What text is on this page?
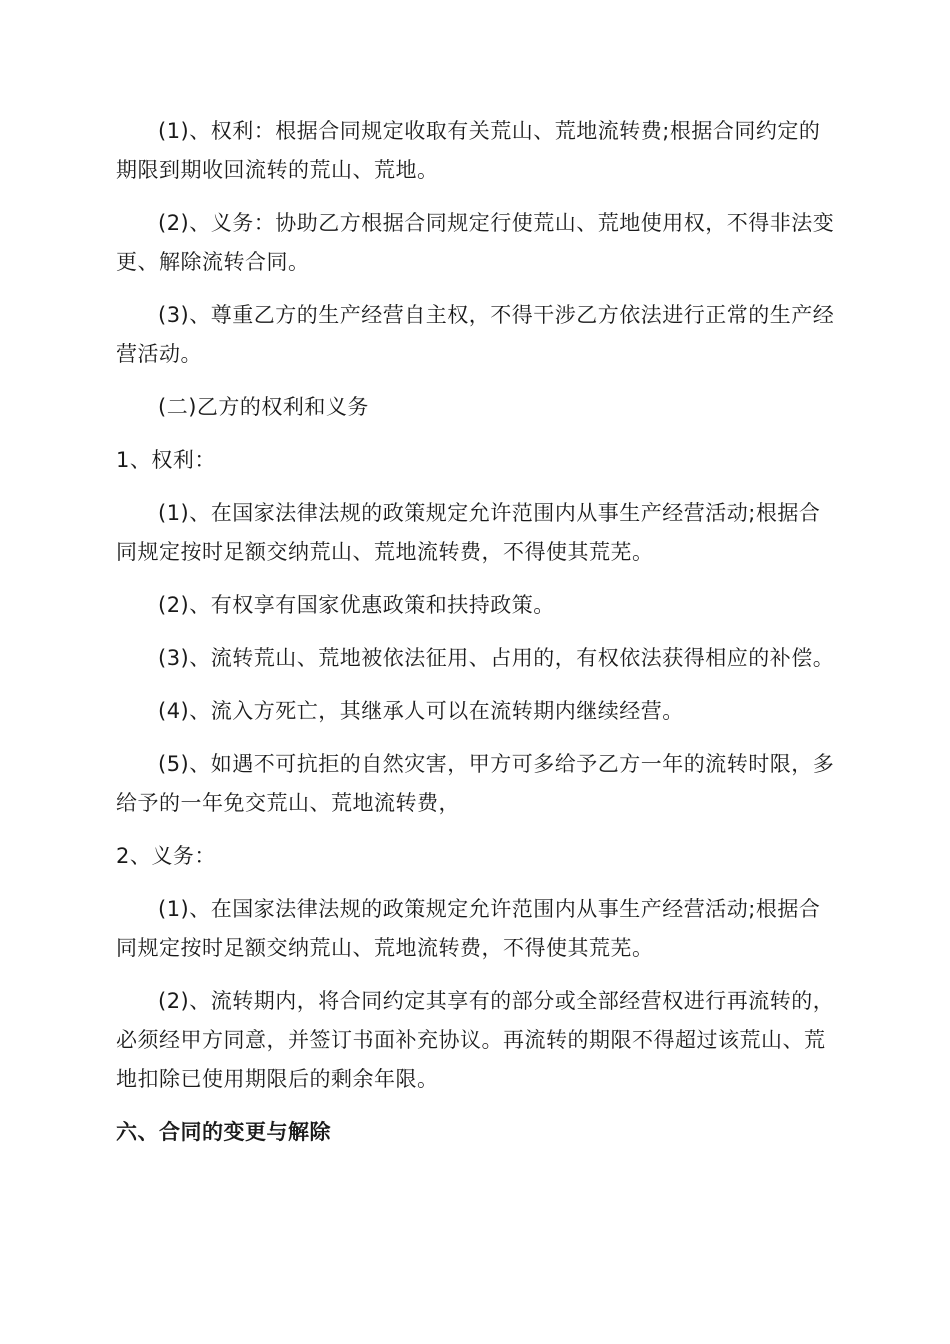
(1)、权利：根据合同规定收取有关荒山、荒地流转费;根据合同约定的期限到期收回流转的荒山、荒地。

(2)、义务：协助乙方根据合同规定行使荒山、荒地使用权，不得非法变更、解除流转合同。

(3)、尊重乙方的生产经营自主权，不得干涉乙方依法进行正常的生产经营活动。

(二)乙方的权利和义务

1、权利：

(1)、在国家法律法规的政策规定允许范围内从事生产经营活动;根据合同规定按时足额交纳荒山、荒地流转费，不得使其荒芜。

(2)、有权享有国家优惠政策和扶持政策。

(3)、流转荒山、荒地被依法征用、占用的，有权依法获得相应的补偿。

(4)、流入方死亡，其继承人可以在流转期内继续经营。

(5)、如遇不可抗拒的自然灾害，甲方可多给予乙方一年的流转时限，多给予的一年免交荒山、荒地流转费，

2、义务：

(1)、在国家法律法规的政策规定允许范围内从事生产经营活动;根据合同规定按时足额交纳荒山、荒地流转费，不得使其荒芜。

(2)、流转期内，将合同约定其享有的部分或全部经营权进行再流转的，必须经甲方同意，并签订书面补充协议。再流转的期限不得超过该荒山、荒地扣除已使用期限后的剩余年限。

六、合同的变更与解除
